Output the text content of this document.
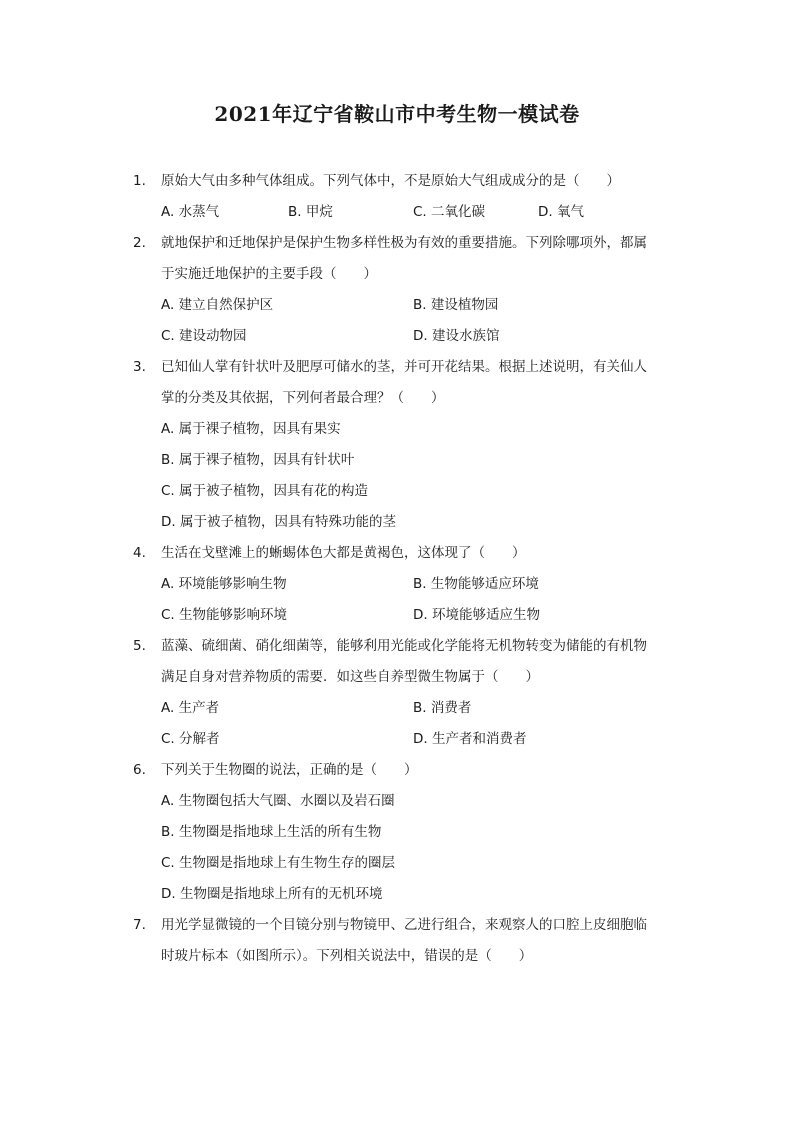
2021年辽宁省鞍山市中考生物一模试卷
1. 原始大气由多种气体组成。下列气体中，不是原始大气组成成分的是（　　）
A. 水蒸气	B. 甲烷	C. 二氧化碳	D. 氧气
2. 就地保护和迁地保护是保护生物多样性极为有效的重要措施。下列除哪项外，都属
于实施迁地保护的主要手段（　　）
A. 建立自然保护区	B. 建设植物园
C. 建设动物园	D. 建设水族馆
3. 已知仙人掌有针状叶及肥厚可储水的茎，并可开花结果。根据上述说明，有关仙人
掌的分类及其依据，下列何者最合理？（　　）
A. 属于裸子植物，因具有果实
B. 属于裸子植物，因具有针状叶
C. 属于被子植物，因具有花的构造
D. 属于被子植物，因具有特殊功能的茎
4. 生活在戈壁滩上的蜥蜴体色大都是黄褐色，这体现了（　　）
A. 环境能够影响生物	B. 生物能够适应环境
C. 生物能够影响环境	D. 环境能够适应生物
5. 蓝藻、硫细菌、硝化细菌等，能够利用光能或化学能将无机物转变为储能的有机物
满足自身对营养物质的需要．如这些自养型微生物属于（　　）
A. 生产者	B. 消费者
C. 分解者	D. 生产者和消费者
6. 下列关于生物圈的说法，正确的是（　　）
A. 生物圈包括大气圈、水圈以及岩石圈
B. 生物圈是指地球上生活的所有生物
C. 生物圈是指地球上有生物生存的圈层
D. 生物圈是指地球上所有的无机环境
7. 用光学显微镜的一个目镜分别与物镜甲、乙进行组合，来观察人的口腔上皮细胞临
时玻片标本（如图所示）。下列相关说法中，错误的是（　　）
